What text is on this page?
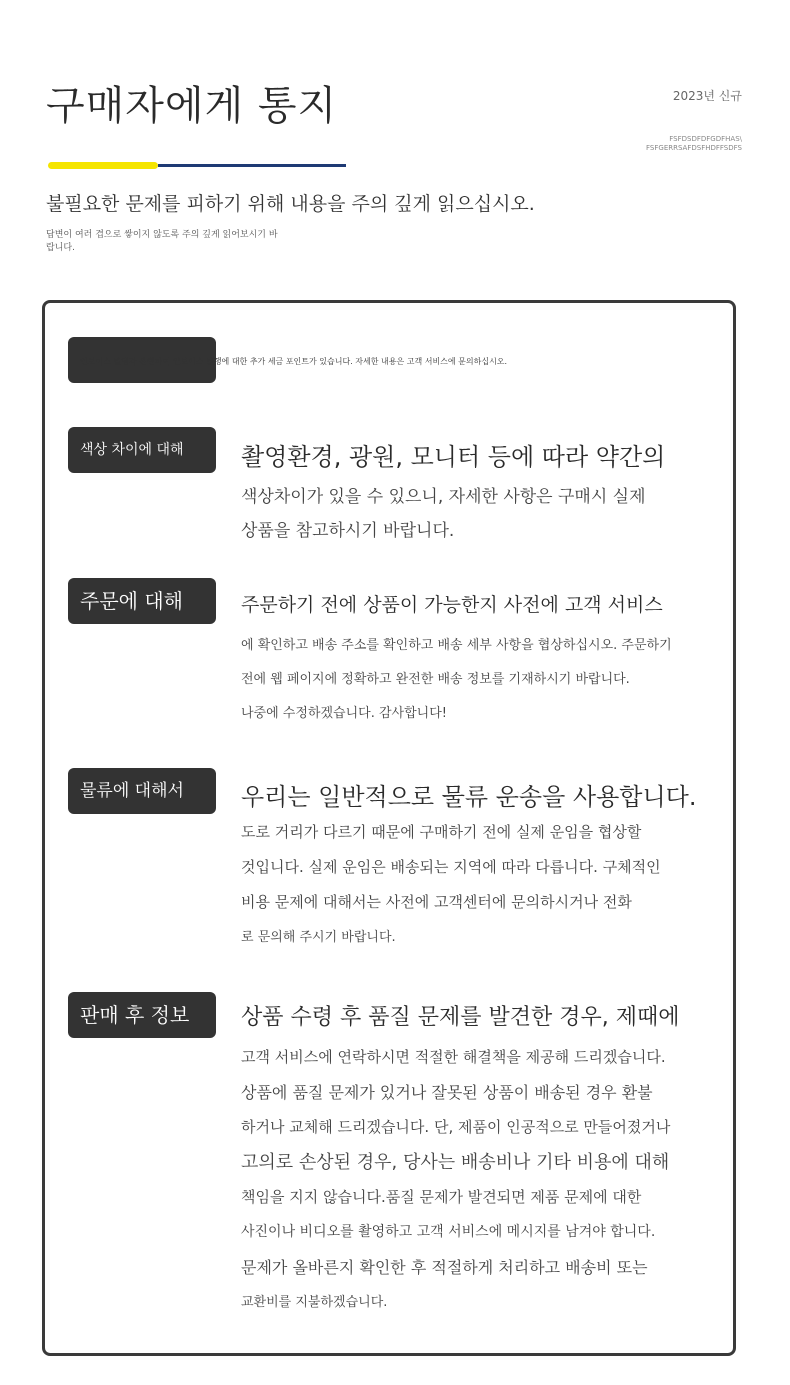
구매자에게 통지	2023년 신규
FSFDSDFDFGDFHAS\
FSFGERRSAFDSFHDFFSDFS
불필요한 문제를 피하기 위해 내용을 주의 깊게 읽으십시오.
답변이 여러 겹으로 쌓이지 않도록 주의 깊게 읽어보시기 바랍니다.
인보이스 발행과 관련하여 인보이스 발행에 대한 추가 세금 포인트가 있습니다. 자세한 내용은 고객 서비스에 문의하십시오.
색상 차이에 대해	촬영환경, 광원, 모니터 등에 따라 약간의

색상차이가 있을 수 있으니, 자세한 사항은 구매시 실제

상품을 참고하시기 바랍니다.

주문에 대해	주문하기 전에 상품이 가능한지 사전에 고객 서비스

에 확인하고 배송 주소를 확인하고 배송 세부 사항을 협상하십시오. 주문하기

전에 웹 페이지에 정확하고 완전한 배송 정보를 기재하시기 바랍니다.

나중에 수정하겠습니다. 감사합니다!

물류에 대해서	우리는 일반적으로 물류 운송을 사용합니다.

도로 거리가 다르기 때문에 구매하기 전에 실제 운임을 협상할

것입니다. 실제 운임은 배송되는 지역에 따라 다릅니다. 구체적인

비용 문제에 대해서는 사전에 고객센터에 문의하시거나 전화

로 문의해 주시기 바랍니다.

판매 후 정보	상품 수령 후 품질 문제를 발견한 경우, 제때에

고객 서비스에 연락하시면 적절한 해결책을 제공해 드리겠습니다.

상품에 품질 문제가 있거나 잘못된 상품이 배송된 경우 환불

하거나 교체해 드리겠습니다. 단, 제품이 인공적으로 만들어졌거나

고의로 손상된 경우, 당사는 배송비나 기타 비용에 대해

책임을 지지 않습니다.품질 문제가 발견되면 제품 문제에 대한

사진이나 비디오를 촬영하고 고객 서비스에 메시지를 남겨야 합니다.

문제가 올바른지 확인한 후 적절하게 처리하고 배송비 또는

교환비를 지불하겠습니다.
